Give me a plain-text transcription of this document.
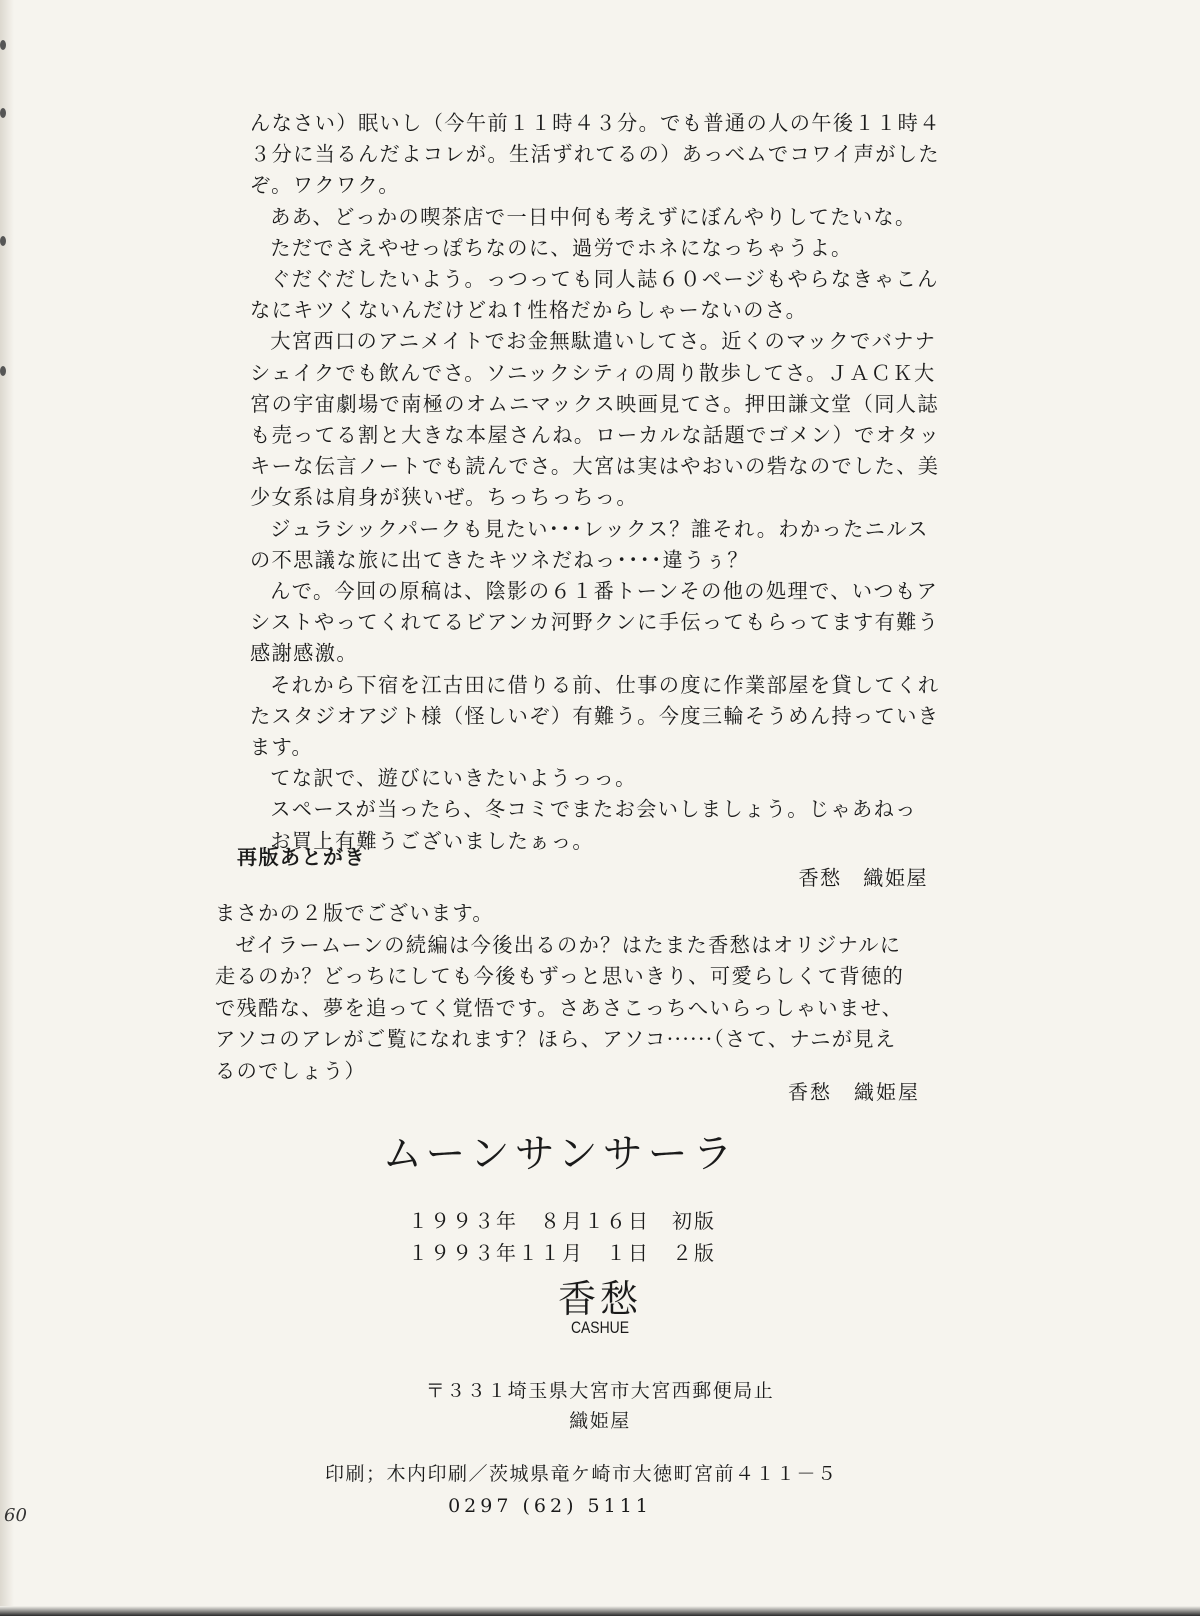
んなさい）眠いし（今午前１１時４３分。でも普通の人の午後１１時４３分に当るんだよコレが。生活ずれてるの）あっべムでコワイ声がしたぞ。ワクワク。

ああ、どっかの喫茶店で一日中何も考えずにぼんやりしてたいな。

ただでさえやせっぽちなのに、過労でホネになっちゃうよ。

ぐだぐだしたいよう。っつっても同人誌６０ページもやらなきゃこんなにキツくないんだけどね↑性格だからしゃーないのさ。

大宮西口のアニメイトでお金無駄遣いしてさ。近くのマックでバナナシェイクでも飲んでさ。ソニックシティの周り散歩してさ。ＪＡＣＫ大宮の宇宙劇場で南極のオムニマックス映画見てさ。押田謙文堂（同人誌も売ってる割と大きな本屋さんね。ローカルな話題でゴメン）でオタッキーな伝言ノートでも読んでさ。大宮は実はやおいの砦なのでした、美少女系は肩身が狭いぜ。ちっちっちっ。

ジュラシックパークも見たい･･･レックス？誰それ。わかったニルスの不思議な旅に出てきたキツネだねっ････違うぅ？

んで。今回の原稿は、陰影の６１番トーンその他の処理で、いつもアシストやってくれてるビアンカ河野クンに手伝ってもらってます有難う感謝感激。

それから下宿を江古田に借りる前、仕事の度に作業部屋を貸してくれたスタジオアジト様（怪しいぞ）有難う。今度三輪そうめん持っていきます。

てな訳で、遊びにいきたいようっっ。

スペースが当ったら、冬コミでまたお会いしましょう。じゃあねっ

お買上有難うございましたぁっ。

香愁　織姫屋

再版あとがき

まさかの２版でございます。

ゼイラームーンの続編は今後出るのか？はたまた香愁はオリジナルに走るのか？どっちにしても今後もずっと思いきり、可愛らしくて背徳的で残酷な、夢を追ってく覚悟です。さあさこっちへいらっしゃいませ、アソコのアレがご覧になれます？ほら、アソコ······（さて、ナニが見えるのでしょう）

香愁　織姫屋
ムーンサンサーラ
１９９３年　８月１６日 初版
１９９３年１１月　１日 ２版
香愁
CASHUE

〒３３１埼玉県大宮市大宮西郵便局止

織姫屋

印刷；木内印刷／茨城県竜ケ崎市大徳町宮前４１１－５

0297 (62) 5111

60
